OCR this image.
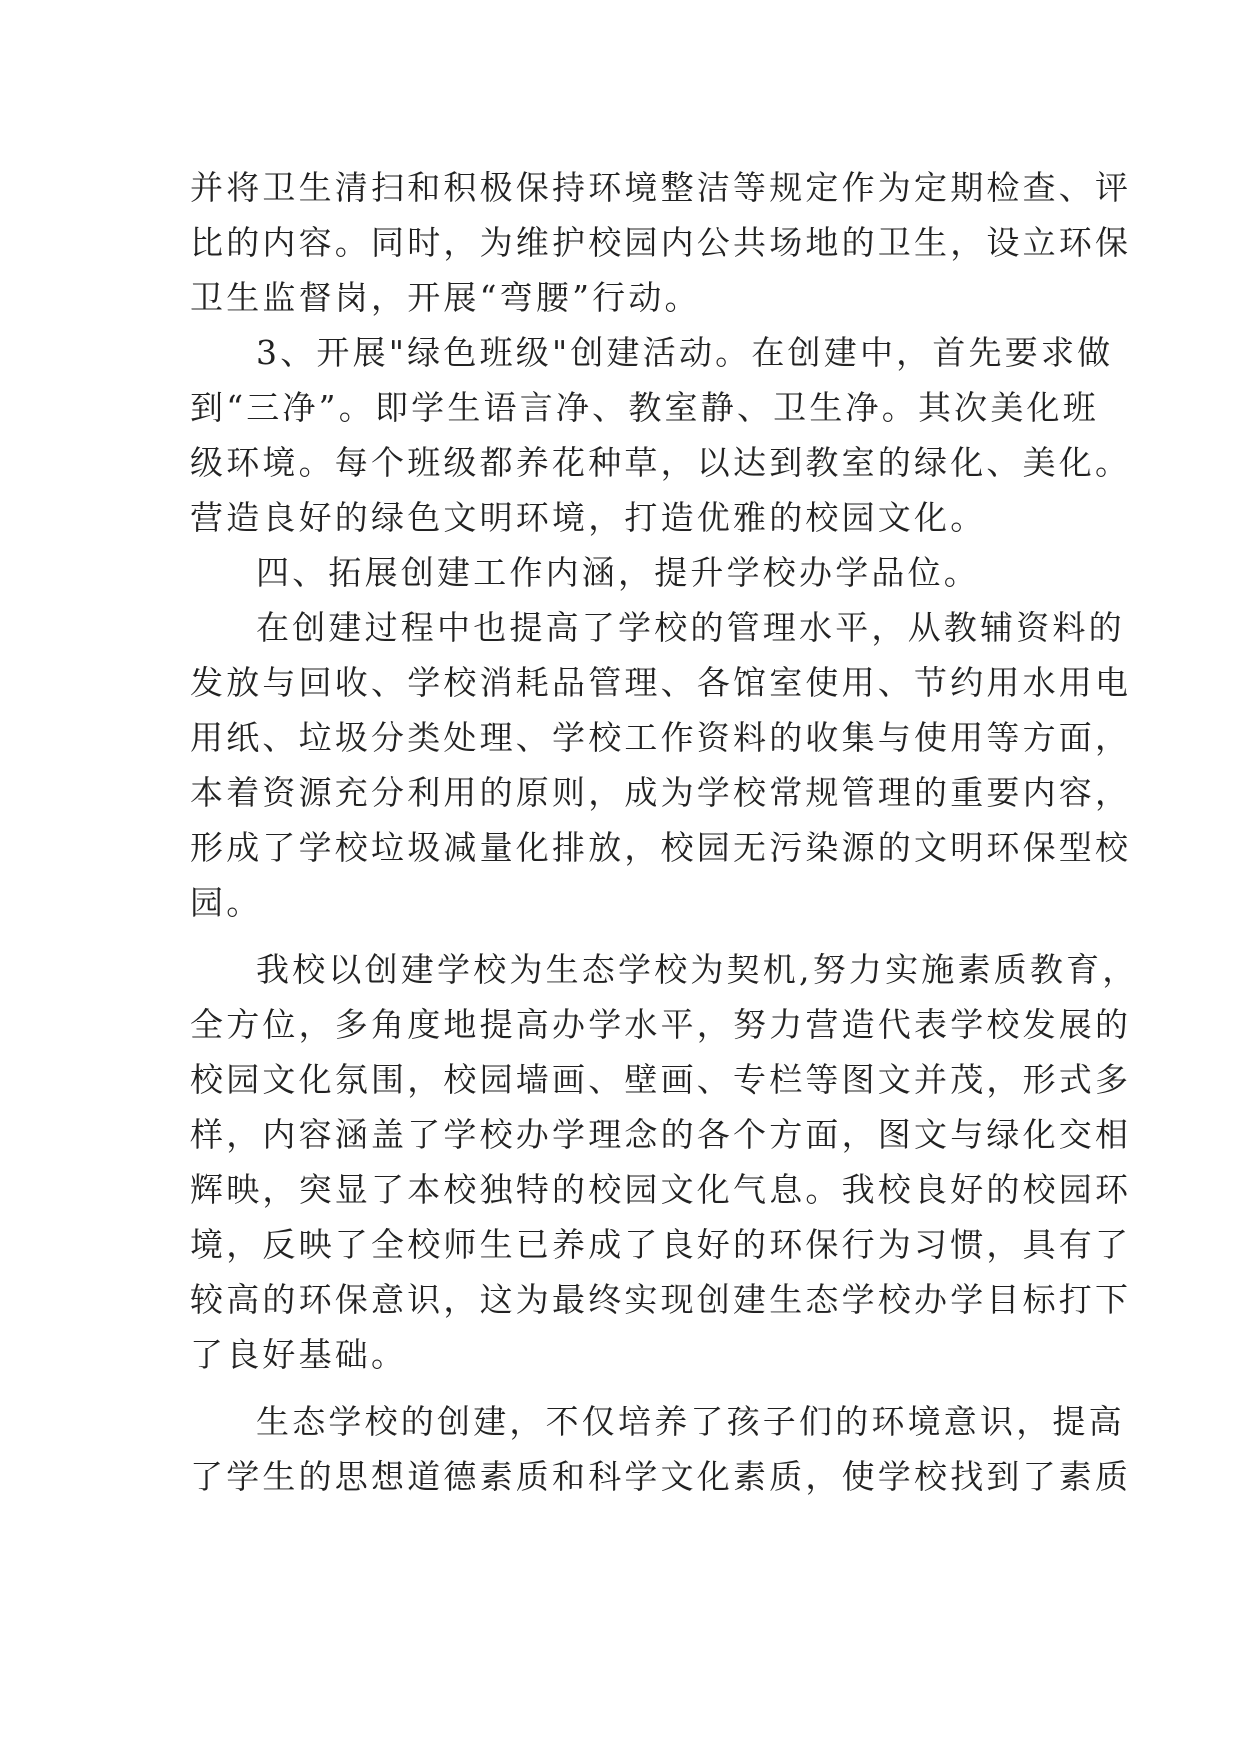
并将卫生清扫和积极保持环境整洁等规定作为定期检查、评
比的内容。同时，为维护校园内公共场地的卫生，设立环保
卫生监督岗，开展“弯腰”行动。
3、开展"绿色班级"创建活动。在创建中，首先要求做
到“三净”。即学生语言净、教室静、卫生净。其次美化班
级环境。每个班级都养花种草，以达到教室的绿化、美化。
营造良好的绿色文明环境，打造优雅的校园文化。
四、拓展创建工作内涵，提升学校办学品位。
在创建过程中也提高了学校的管理水平，从教辅资料的
发放与回收、学校消耗品管理、各馆室使用、节约用水用电
用纸、垃圾分类处理、学校工作资料的收集与使用等方面，
本着资源充分利用的原则，成为学校常规管理的重要内容，
形成了学校垃圾减量化排放，校园无污染源的文明环保型校
园。
我校以创建学校为生态学校为契机,努力实施素质教育，
全方位，多角度地提高办学水平，努力营造代表学校发展的
校园文化氛围，校园墙画、壁画、专栏等图文并茂，形式多
样，内容涵盖了学校办学理念的各个方面，图文与绿化交相
辉映，突显了本校独特的校园文化气息。我校良好的校园环
境，反映了全校师生已养成了良好的环保行为习惯，具有了
较高的环保意识，这为最终实现创建生态学校办学目标打下
了良好基础。
生态学校的创建，不仅培养了孩子们的环境意识，提高
了学生的思想道德素质和科学文化素质，使学校找到了素质
